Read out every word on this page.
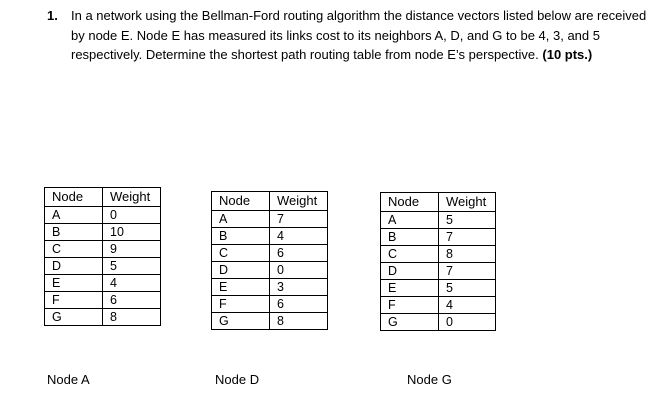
1. In a network using the Bellman-Ford routing algorithm the distance vectors listed below are received by node E. Node E has measured its links cost to its neighbors A, D, and G to be 4, 3, and 5 respectively. Determine the shortest path routing table from node E’s perspective. (10 pts.)
Node	Weight
A	0
B	10
C	9
D	5
E	4
F	6
G	8
Node A
Node	Weight
A	7
B	4
C	6
D	0
E	3
F	6
G	8
Node D
Node	Weight
A	5
B	7
C	8
D	7
E	5
F	4
G	0
Node G
